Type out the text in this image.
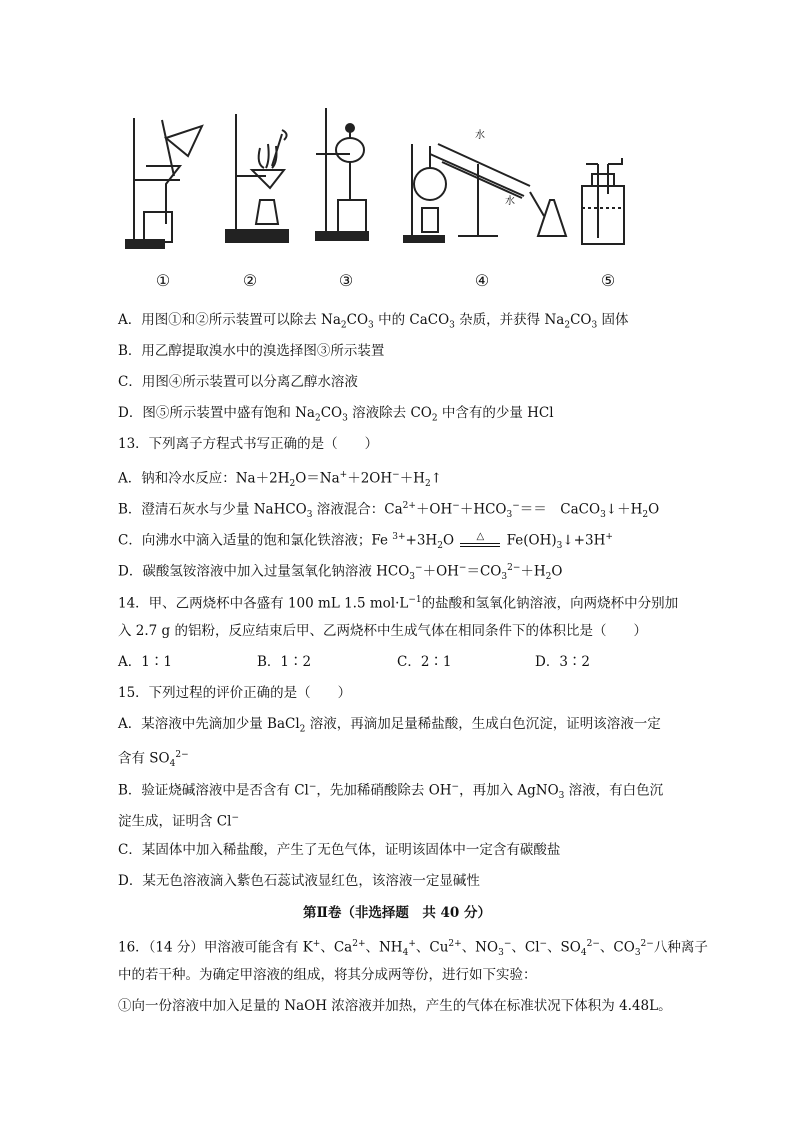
①	②	③	④	⑤
水
水
A．用图①和②所示装置可以除去 $Na_2CO_3$ 中的 CaCO$_3$ 杂质，并获得 $Na_2CO_3$ 固体
B．用乙醇提取溴水中的溴选择图③所示装置
C．用图④所示装置可以分离乙醇水溶液
D．图⑤所示装置中盛有饱和 $Na_2CO_3$ 溶液除去 $CO_2$ 中含有的少量 HCl
13．下列离子方程式书写正确的是（　　）
A．钠和冷水反应：$Na+2H_2O=Na^++2OH^-+H_2↑$
B．澄清石灰水与少量 NaHCO$_3$ 溶液混合：$Ca^{2+}+OH^-+HCO_3^-==$　$CaCO_3↓+H_2O$
C．向沸水中滴入适量的饱和氯化铁溶液；Fe $^{3+}+3H_2O$ △ $Fe(OH)_3↓+3H^+$
D．碳酸氢铵溶液中加入过量氢氧化钠溶液 $HCO_3^-+OH^-=CO_3^{2-}+H_2O$
14．甲、乙两烧杯中各盛有 100 mL 1.5 $mol\cdot L^{-1}$的盐酸和氢氧化钠溶液，向两烧杯中分别加
入 2.7 g 的铝粉，反应结束后甲、乙两烧杯中生成气体在相同条件下的体积比是（　　）
A．1∶1	B．1∶2	C．2∶1	D．3∶2
15．下列过程的评价正确的是（　　）
A．某溶液中先滴加少量 BaCl$_2$ 溶液，再滴加足量稀盐酸，生成白色沉淀，证明该溶液一定
含有 $SO_4^{2-}$
B．验证烧碱溶液中是否含有 Cl−，先加稀硝酸除去 OH−，再加入 AgNO$_3$ 溶液，有白色沉
淀生成，证明含 Cl−
C．某固体中加入稀盐酸，产生了无色气体，证明该固体中一定含有碳酸盐
D．某无色溶液滴入紫色石蕊试液显红色，该溶液一定显碱性
第Ⅱ卷（非选择题　共 40 分）
16．（14 分）甲溶液可能含有 K+、$Ca^{2+}$、$NH_4^+$、$Cu^{2+}$、$NO_3^-$、Cl−、$SO_4^{2-}$、$CO_3^{2-}$八种离子
中的若干种。为确定甲溶液的组成，将其分成两等份，进行如下实验：
①向一份溶液中加入足量的 NaOH 浓溶液并加热，产生的气体在标准状况下体积为 4.48L。
